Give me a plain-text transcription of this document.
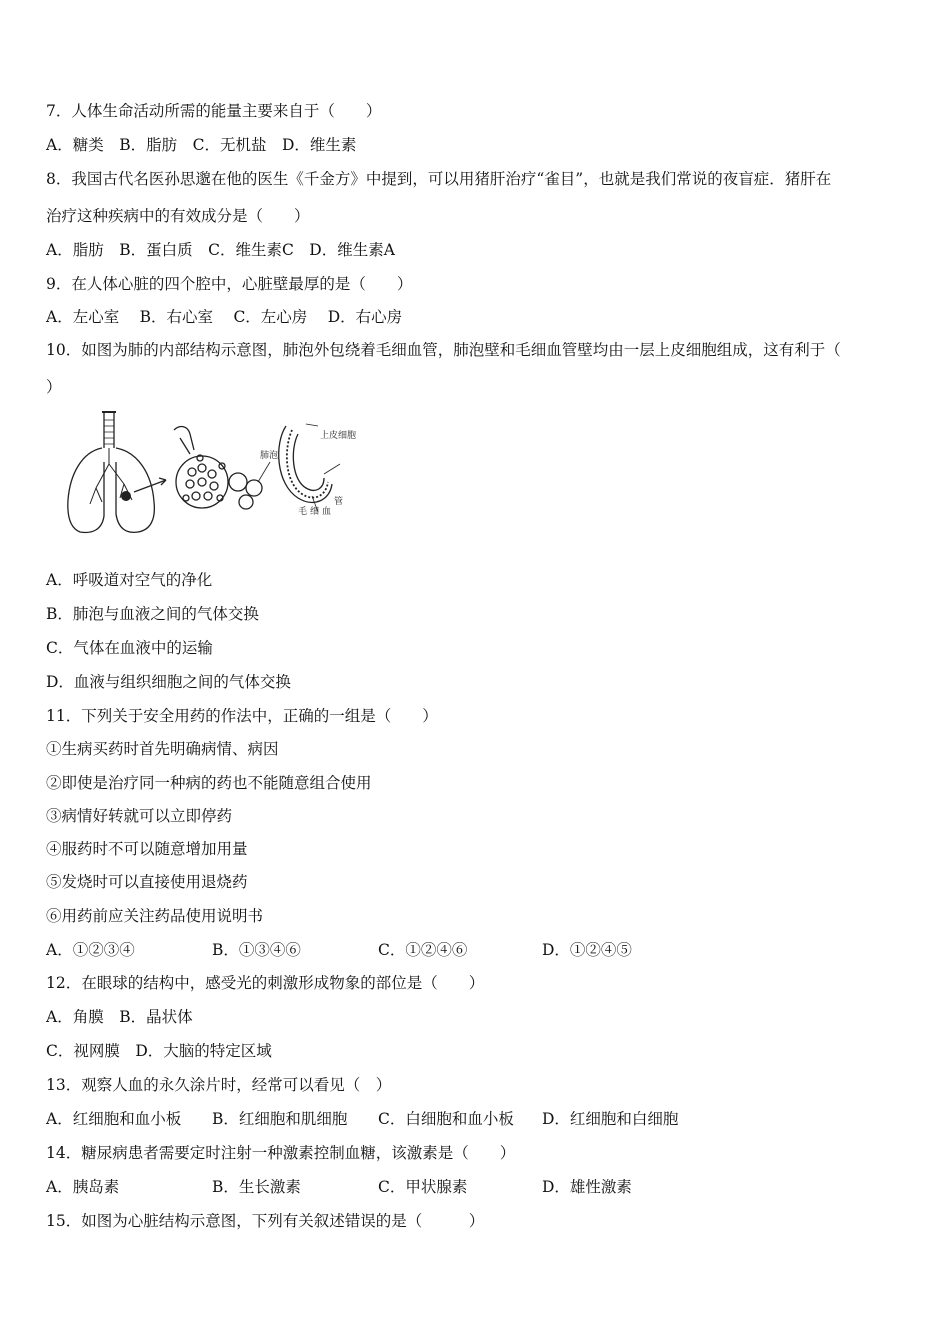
7．人体生命活动所需的能量主要来自于（　　）
A．糖类　B．脂肪　C．无机盐　D．维生素
8．我国古代名医孙思邈在他的医生《千金方》中提到，可以用猪肝治疗“雀目”，也就是我们常说的夜盲症．猪肝在
治疗这种疾病中的有效成分是（　　）
A．脂肪　B．蛋白质　C．维生素C　D．维生素A
9．在人体心脏的四个腔中，心脏壁最厚的是（　　）
A．左心室　 B．右心室　 C．左心房　 D．右心房
10．如图为肺的内部结构示意图，肺泡外包绕着毛细血管，肺泡壁和毛细血管壁均由一层上皮细胞组成，这有利于（
）
肺泡
上皮细胞
毛 细 血
管
A．呼吸道对空气的净化
B．肺泡与血液之间的气体交换
C．气体在血液中的运输
D．血液与组织细胞之间的气体交换
11．下列关于安全用药的作法中，正确的一组是（　　）
①生病买药时首先明确病情、病因
②即使是治疗同一种病的药也不能随意组合使用
③病情好转就可以立即停药
④服药时不可以随意增加用量
⑤发烧时可以直接使用退烧药
⑥用药前应关注药品使用说明书
A．①②③④	B．①③④⑥	C．①②④⑥	D．①②④⑤
12．在眼球的结构中，感受光的刺激形成物象的部位是（　　）
A．角膜　B．晶状体
C．视网膜　D．大脑的特定区域
13．观察人血的永久涂片时，经常可以看见（　）
A．红细胞和血小板 B．红细胞和肌细胞 C．白细胞和血小板 D．红细胞和白细胞
14．糖尿病患者需要定时注射一种激素控制血糖，该激素是（　　）
A．胰岛素	B．生长激素	C．甲状腺素	D．雄性激素
15．如图为心脏结构示意图，下列有关叙述错误的是（　　　）
